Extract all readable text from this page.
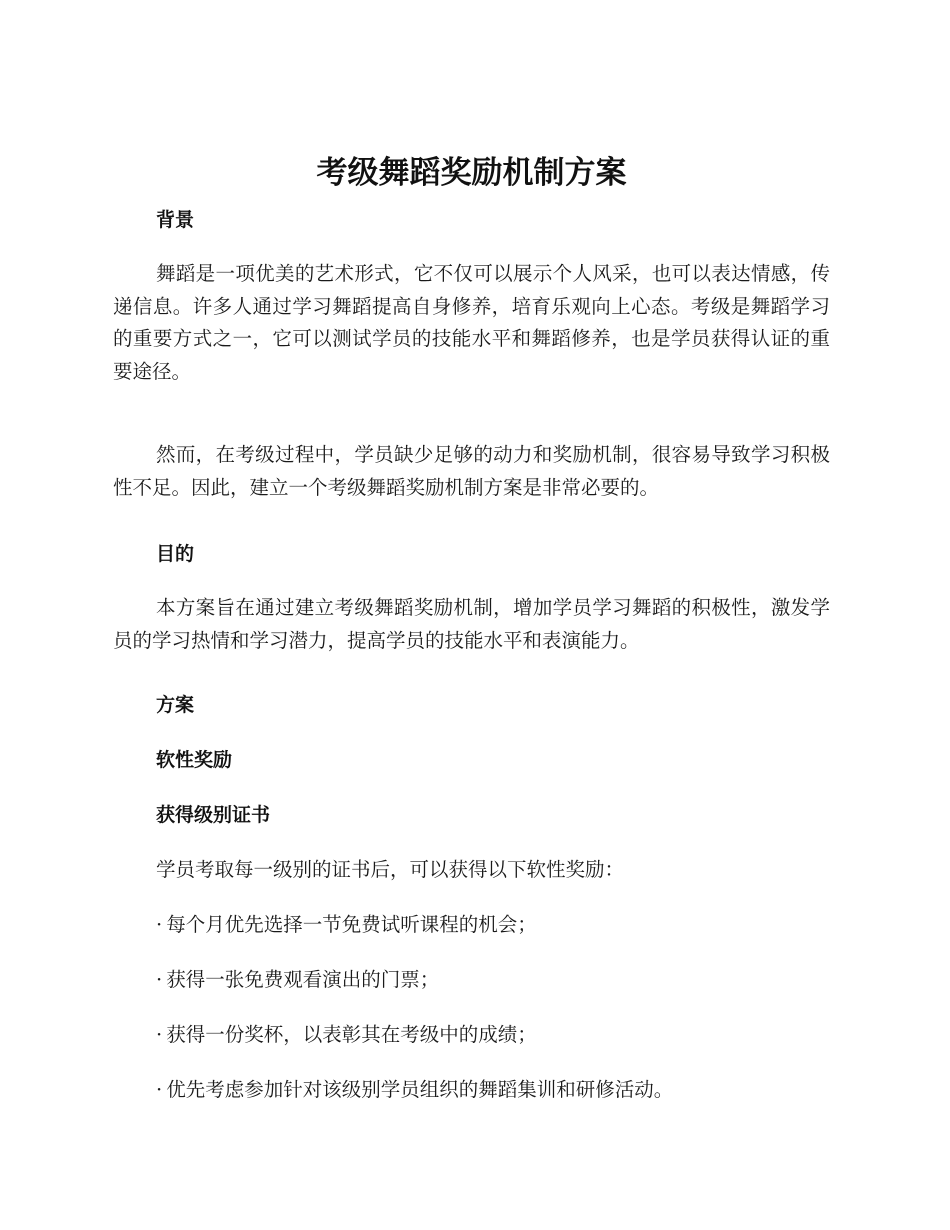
考级舞蹈奖励机制方案
背景

舞蹈是一项优美的艺术形式，它不仅可以展示个人风采，也可以表达情感，传递信息。许多人通过学习舞蹈提高自身修养，培育乐观向上心态。考级是舞蹈学习的重要方式之一，它可以测试学员的技能水平和舞蹈修养，也是学员获得认证的重要途径。

然而，在考级过程中，学员缺少足够的动力和奖励机制，很容易导致学习积极性不足。因此，建立一个考级舞蹈奖励机制方案是非常必要的。

目的

本方案旨在通过建立考级舞蹈奖励机制，增加学员学习舞蹈的积极性，激发学员的学习热情和学习潜力，提高学员的技能水平和表演能力。

方案
软性奖励
获得级别证书

学员考取每一级别的证书后，可以获得以下软性奖励：

· 每个月优先选择一节免费试听课程的机会；

· 获得一张免费观看演出的门票；

· 获得一份奖杯，以表彰其在考级中的成绩；

· 优先考虑参加针对该级别学员组织的舞蹈集训和研修活动。
